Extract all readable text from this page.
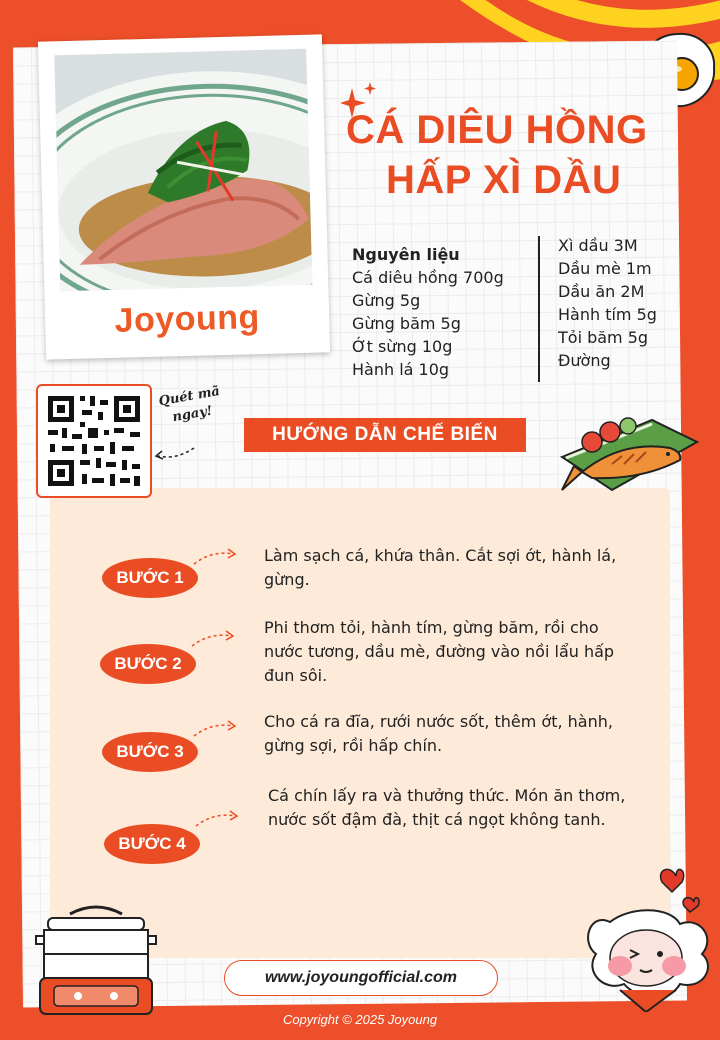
Joyoung
CÁ DIÊU HỒNG
HẤP XÌ DẦU
Nguyên liệu
Cá diêu hồng 700g
Gừng 5g
Gừng băm 5g
Ớt sừng 10g
Hành lá 10g
Xì dầu 3M
Dầu mè 1m
Dầu ăn 2M
Hành tím 5g
Tỏi băm 5g
Đường
Quét mã
ngay!
HƯỚNG DẪN CHẾ BIẾN
BƯỚC 1
Làm sạch cá, khứa thân. Cắt sợi ớt, hành lá, gừng.
BƯỚC 2
Phi thơm tỏi, hành tím, gừng băm, rồi cho nước tương, dầu mè, đường vào nồi lẩu hấp đun sôi.
BƯỚC 3
Cho cá ra đĩa, rưới nước sốt, thêm ớt, hành, gừng sợi, rồi hấp chín.
BƯỚC 4
Cá chín lấy ra và thưởng thức. Món ăn thơm, nước sốt đậm đà, thịt cá ngọt không tanh.
www.joyoungofficial.com
Copyright © 2025 Joyoung
